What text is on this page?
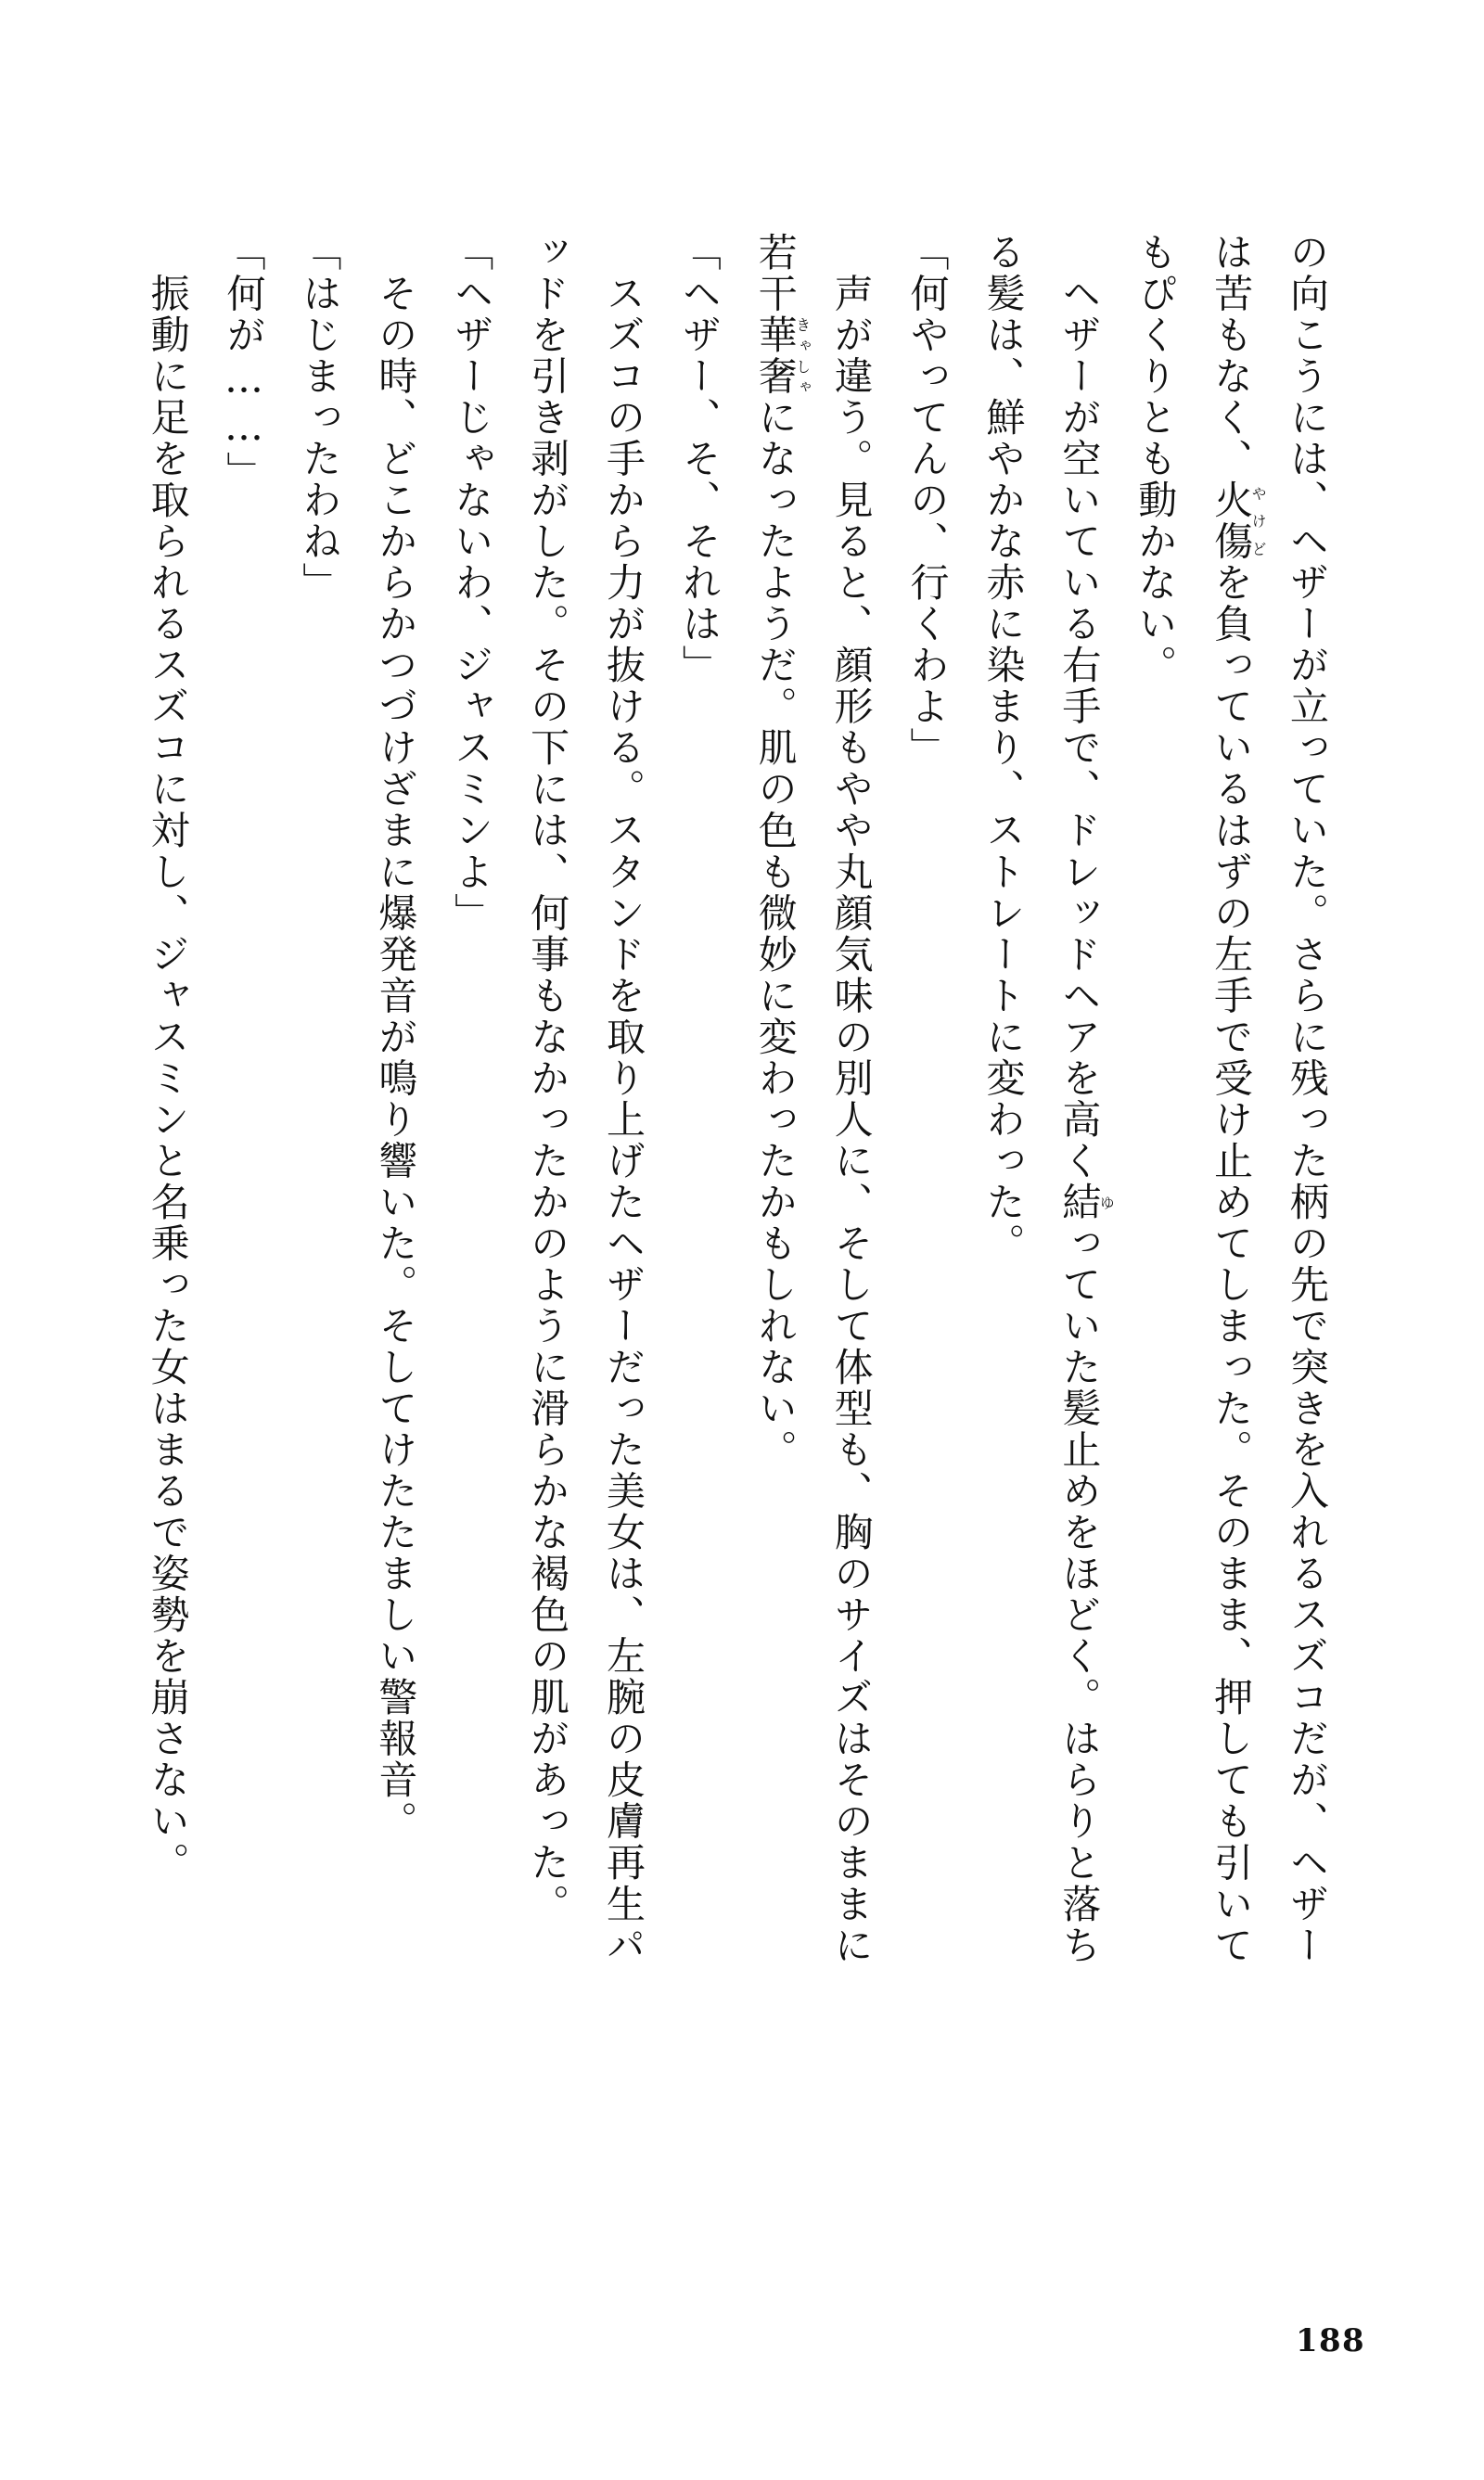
の向こうには、ヘザーが立っていた。さらに残った柄の先で突きを入れるスズコだが、ヘザー
は苦もなく、火傷やけどを負っているはずの左手で受け止めてしまった。そのまま、押しても引いて
もぴくりとも動かない。
　ヘザーが空いている右手で、ドレッドヘアを高く結ゆっていた髪止めをほどく。はらりと落ち
る髪は、鮮やかな赤に染まり、ストレートに変わった。
「何やってんの、行くわよ」
　声が違う。見ると、顔形もやや丸顔気味の別人に、そして体型も、胸のサイズはそのままに
若干華奢きゃしゃになったようだ。肌の色も微妙に変わったかもしれない。
「ヘザー、そ、それは」
　スズコの手から力が抜ける。スタンドを取り上げたヘザーだった美女は、左腕の皮膚再生パ
ッドを引き剥がした。その下には、何事もなかったかのように滑らかな褐色の肌があった。
「ヘザーじゃないわ、ジャスミンよ」
　その時、どこからかつづけざまに爆発音が鳴り響いた。そしてけたたましい警報音。
「はじまったわね」
「何が……」
　振動に足を取られるスズコに対し、ジャスミンと名乗った女はまるで姿勢を崩さない。
188
